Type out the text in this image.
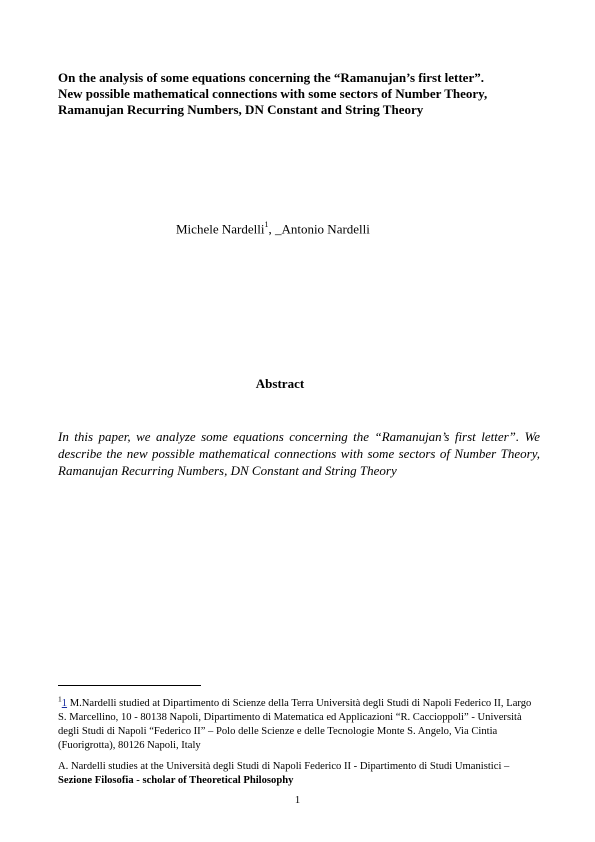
On the analysis of some equations concerning the “Ramanujan’s first letter”.
New possible mathematical connections with some sectors of Number Theory,
Ramanujan Recurring Numbers, DN Constant and String Theory
Michele Nardelli$^1$, _Antonio Nardelli
Abstract
In this paper, we analyze some equations concerning the “Ramanujan’s first letter”. We describe the new possible mathematical connections with some sectors of Number Theory, Ramanujan Recurring Numbers, DN Constant and String Theory

$^1$1 M.Nardelli studied at Dipartimento di Scienze della Terra Università degli Studi di Napoli Federico II, Largo S. Marcellino, 10 - 80138 Napoli, Dipartimento di Matematica ed Applicazioni “R. Caccioppoli” - Università degli Studi di Napoli “Federico II” – Polo delle Scienze e delle Tecnologie Monte S. Angelo, Via Cintia (Fuorigrotta), 80126 Napoli, Italy

A. Nardelli studies at the Università degli Studi di Napoli Federico II - Dipartimento di Studi Umanistici – Sezione Filosofia - scholar of Theoretical Philosophy

1
